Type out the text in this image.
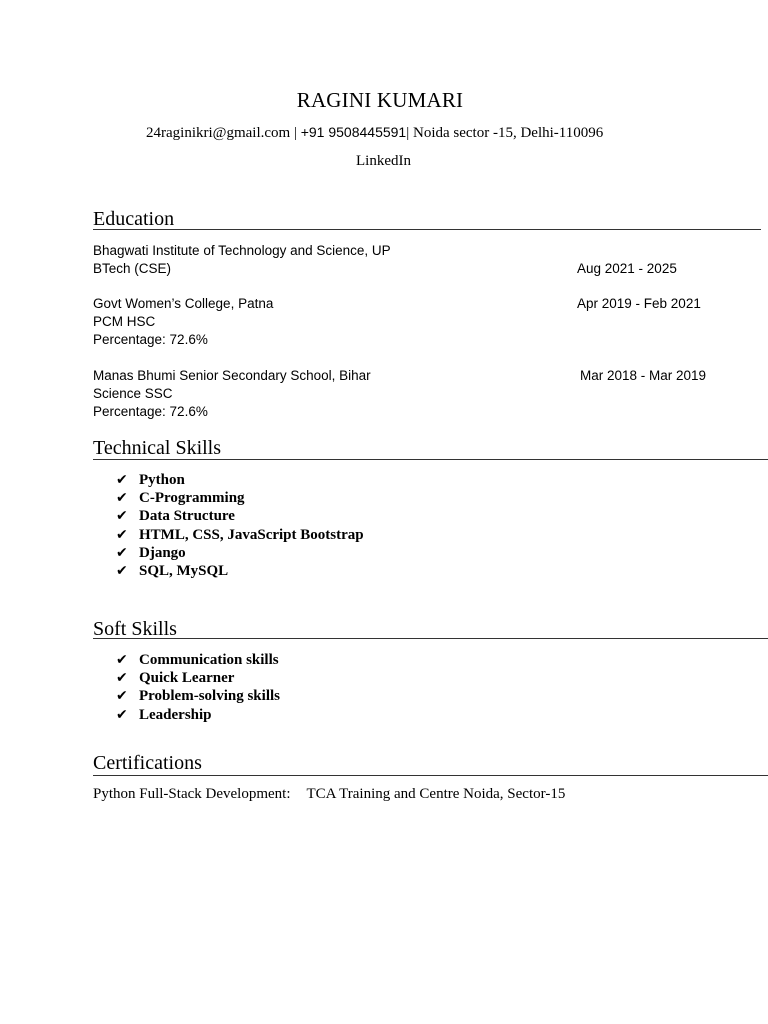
RAGINI KUMARI
24raginikri@gmail.com | +91 9508445591| Noida sector -15, Delhi-110096
LinkedIn
Education
Bhagwati Institute of Technology and Science, UP
BTech (CSE)	Aug 2021 - 2025
Govt Women’s College, Patna	Apr 2019 - Feb 2021
PCM HSC
Percentage: 72.6%
Manas Bhumi Senior Secondary School, Bihar	Mar 2018 - Mar 2019
Science SSC
Percentage: 72.6%
Technical Skills
✔ Python
✔ C-Programming
✔ Data Structure
✔ HTML, CSS, JavaScript Bootstrap
✔ Django
✔ SQL, MySQL
Soft Skills
✔ Communication skills
✔ Quick Learner
✔ Problem-solving skills
✔ Leadership
Certifications
Python Full-Stack Development: TCA Training and Centre Noida, Sector-15
